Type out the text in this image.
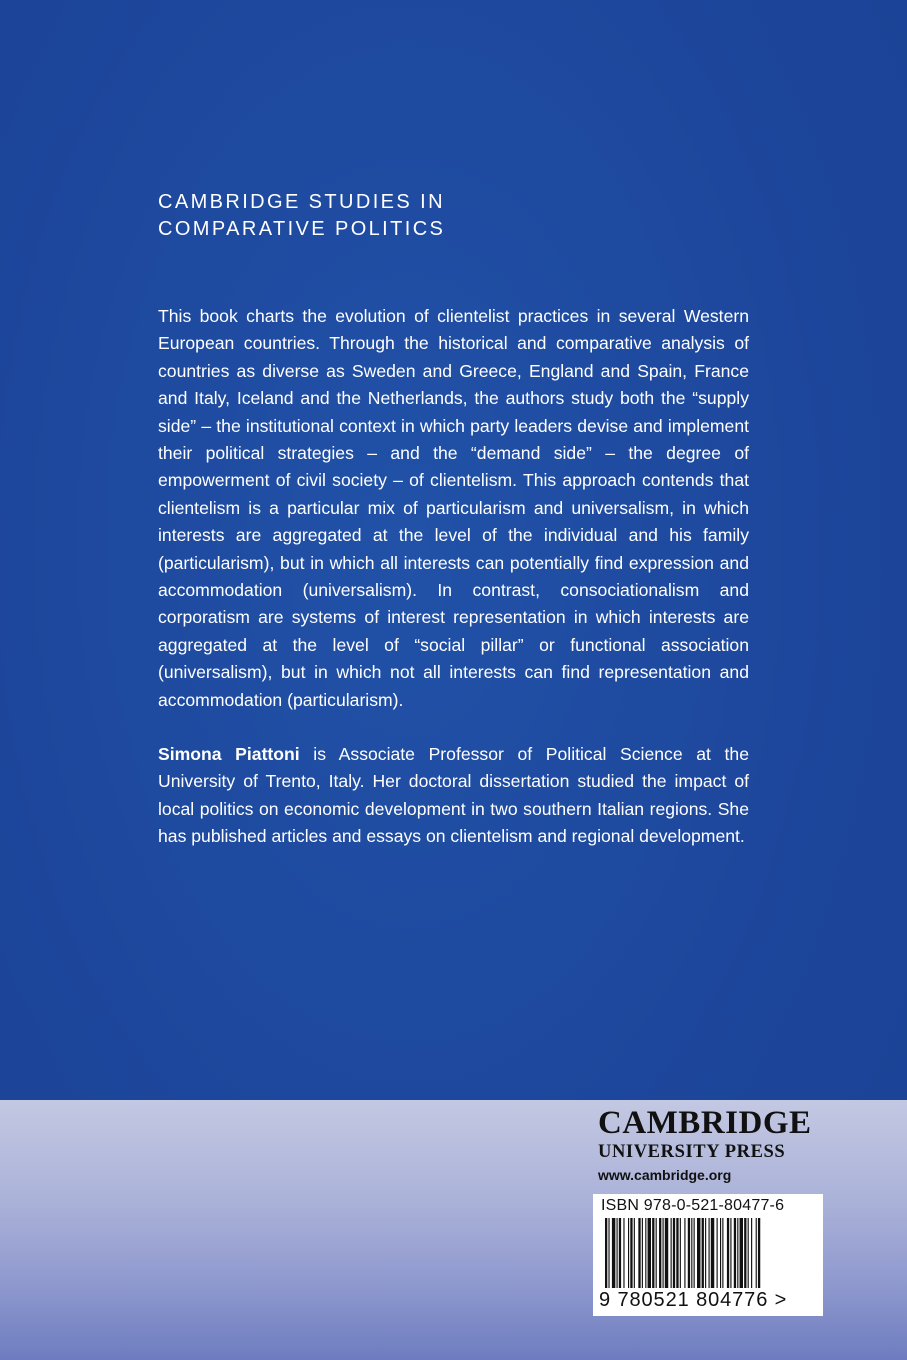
CAMBRIDGE STUDIES IN
COMPARATIVE POLITICS
This book charts the evolution of clientelist practices in several Western European countries. Through the historical and comparative analysis of countries as diverse as Sweden and Greece, England and Spain, France and Italy, Iceland and the Netherlands, the authors study both the “supply side” – the institutional context in which party leaders devise and implement their political strategies – and the “demand side” – the degree of empowerment of civil society – of clientelism. This approach contends that clientelism is a particular mix of particularism and universalism, in which interests are aggregated at the level of the individual and his family (particularism), but in which all interests can potentially find expression and accommodation (universalism). In contrast, consociationalism and corporatism are systems of interest representation in which interests are aggregated at the level of “social pillar” or functional association (universalism), but in which not all interests can find representation and accommodation (particularism).
Simona Piattoni is Associate Professor of Political Science at the University of Trento, Italy. Her doctoral dissertation studied the impact of local politics on economic development in two southern Italian regions. She has published articles and essays on clientelism and regional development.
CAMBRIDGE
UNIVERSITY PRESS
www.cambridge.org
ISBN 978-0-521-80477-6
9 780521 804776 >
